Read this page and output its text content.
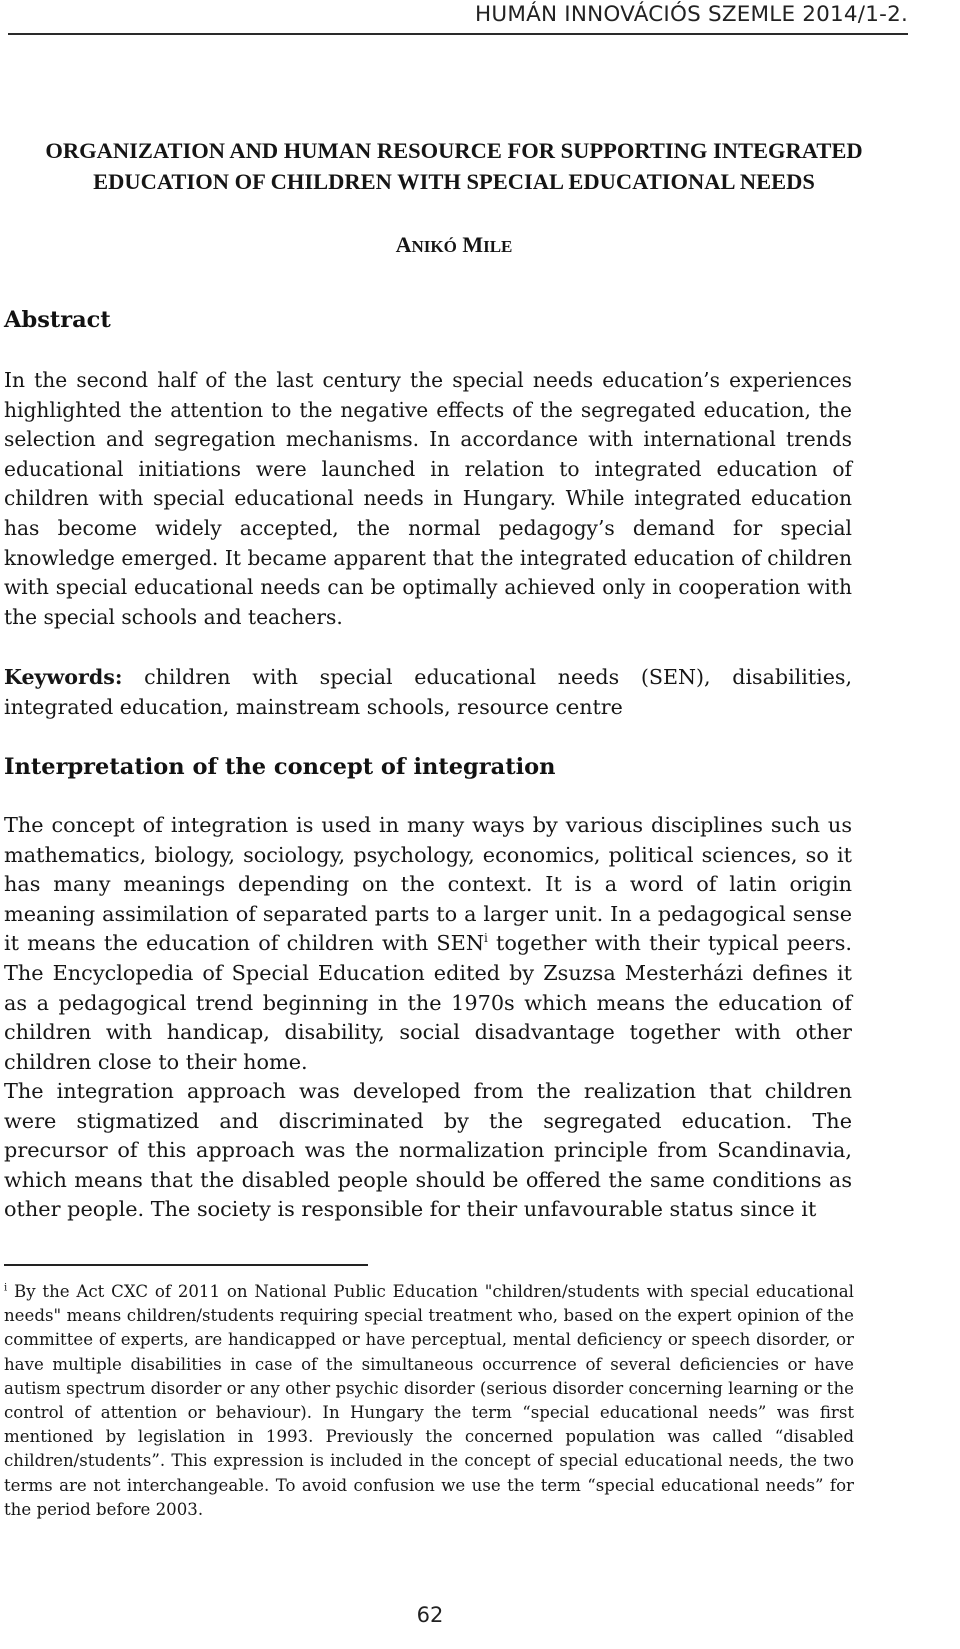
HUMÁN INNOVÁCIÓS SZEMLE 2014/1-2.
ORGANIZATION AND HUMAN RESOURCE FOR SUPPORTING INTEGRATED
EDUCATION OF CHILDREN WITH SPECIAL EDUCATIONAL NEEDS
ANIKÓ MILE
Abstract

In the second half of the last century the special needs education’s experiences highlighted the attention to the negative effects of the segregated education, the selection and segregation mechanisms. In accordance with international trends educational initiations were launched in relation to integrated education of children with special educational needs in Hungary. While integrated education has become widely accepted, the normal pedagogy’s demand for special knowledge emerged. It became apparent that the integrated education of children with special educational needs can be optimally achieved only in cooperation with the special schools and teachers.

Keywords: children with special educational needs (SEN), disabilities, integrated education, mainstream schools, resource centre

Interpretation of the concept of integration

The concept of integration is used in many ways by various disciplines such us mathematics, biology, sociology, psychology, economics, political sciences, so it has many meanings depending on the context. It is a word of latin origin meaning assimilation of separated parts to a larger unit. In a pedagogical sense it means the education of children with SEN$^i$ together with their typical peers. The Encyclopedia of Special Education edited by Zsuzsa Mesterházi defines it as a pedagogical trend beginning in the 1970s which means the education of children with handicap, disability, social disadvantage together with other children close to their home.

The integration approach was developed from the realization that children were stigmatized and discriminated by the segregated education. The precursor of this approach was the normalization principle from Scandinavia, which means that the disabled people should be offered the same conditions as other people. The society is responsible for their unfavourable status since it

$^i$ By the Act CXC of 2011 on National Public Education "children/students with special educational needs" means children/students requiring special treatment who, based on the expert opinion of the committee of experts, are handicapped or have perceptual, mental deficiency or speech disorder, or have multiple disabilities in case of the simultaneous occurrence of several deficiencies or have autism spectrum disorder or any other psychic disorder (serious disorder concerning learning or the control of attention or behaviour). In Hungary the term “special educational needs” was first mentioned by legislation in 1993. Previously the concerned population was called “disabled children/students”. This expression is included in the concept of special educational needs, the two terms are not interchangeable. To avoid confusion we use the term “special educational needs” for the period before 2003.

62
